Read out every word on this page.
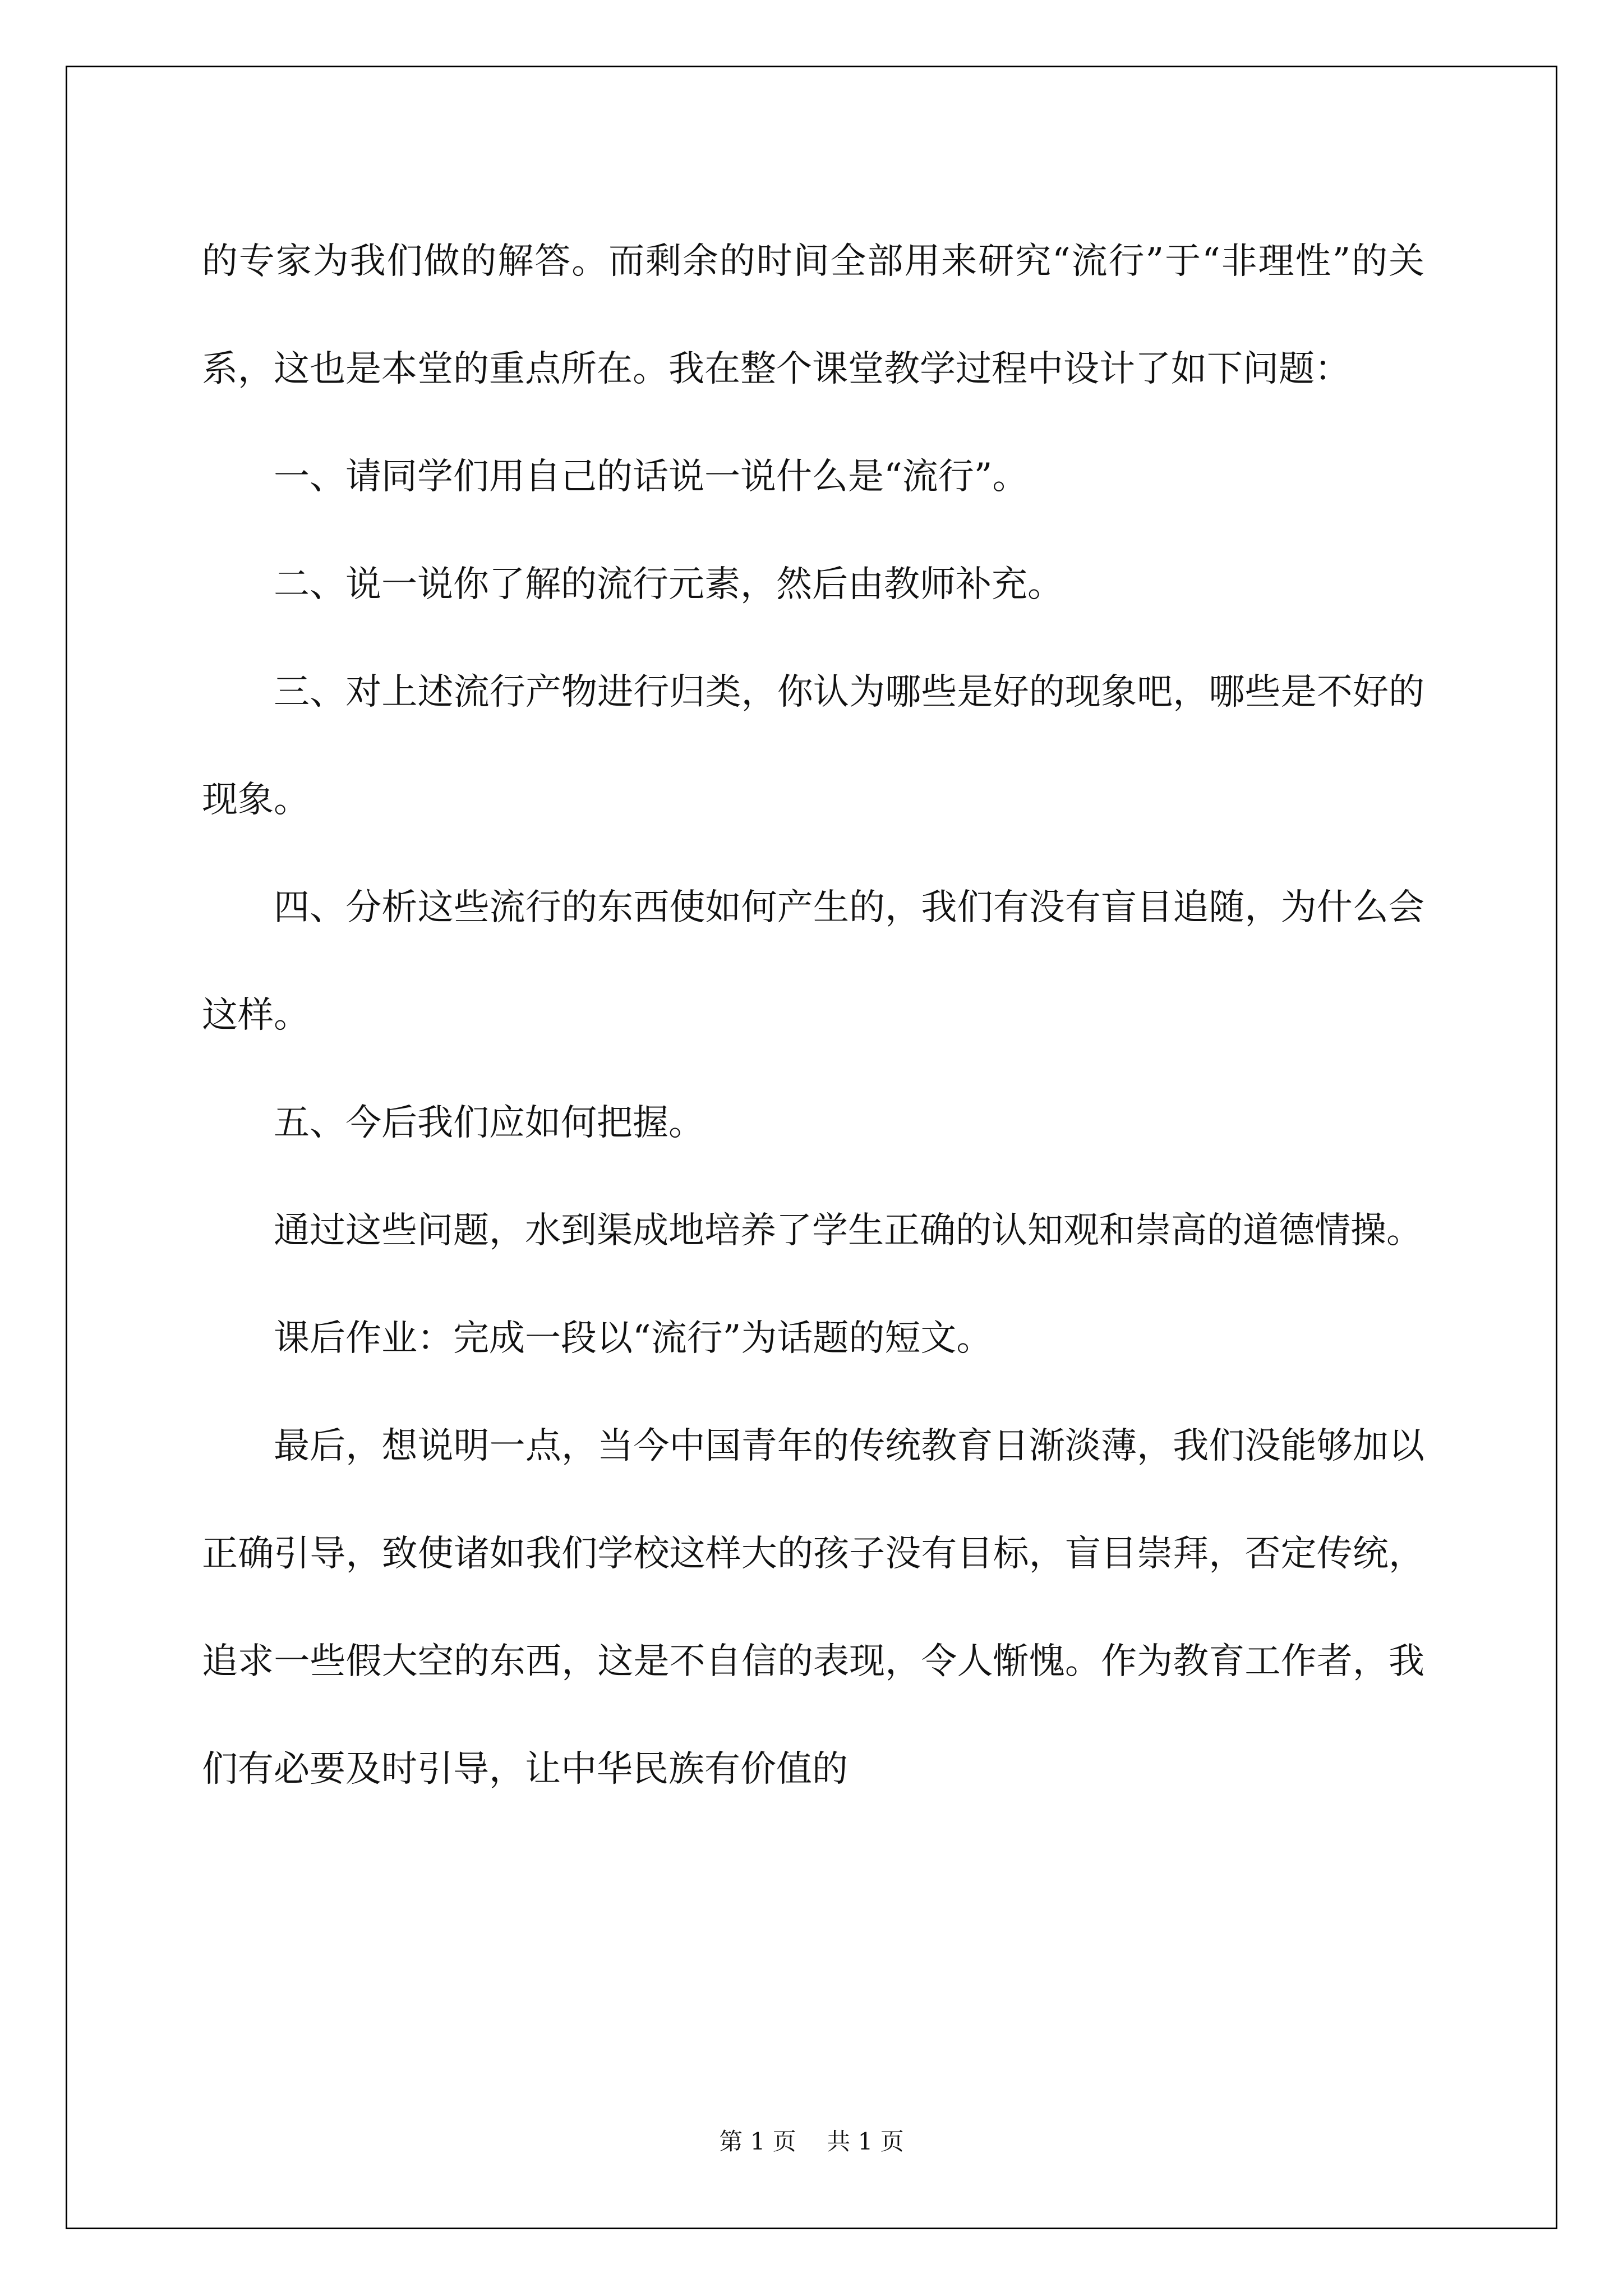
的专家为我们做的解答。而剩余的时间全部用来研究“流行”于“非理性”的关系，这也是本堂的重点所在。我在整个课堂教学过程中设计了如下问题：

一、请同学们用自己的话说一说什么是“流行”。

二、说一说你了解的流行元素，然后由教师补充。

三、对上述流行产物进行归类，你认为哪些是好的现象吧，哪些是不好的现象。

四、分析这些流行的东西使如何产生的，我们有没有盲目追随，为什么会这样。

五、今后我们应如何把握。

通过这些问题，水到渠成地培养了学生正确的认知观和崇高的道德情操。

课后作业：完成一段以“流行”为话题的短文。

最后，想说明一点，当今中国青年的传统教育日渐淡薄，我们没能够加以正确引导，致使诸如我们学校这样大的孩子没有目标，盲目崇拜，否定传统，追求一些假大空的东西，这是不自信的表现，令人惭愧。作为教育工作者，我们有必要及时引导，让中华民族有价值的

第 1 页 共 1 页
